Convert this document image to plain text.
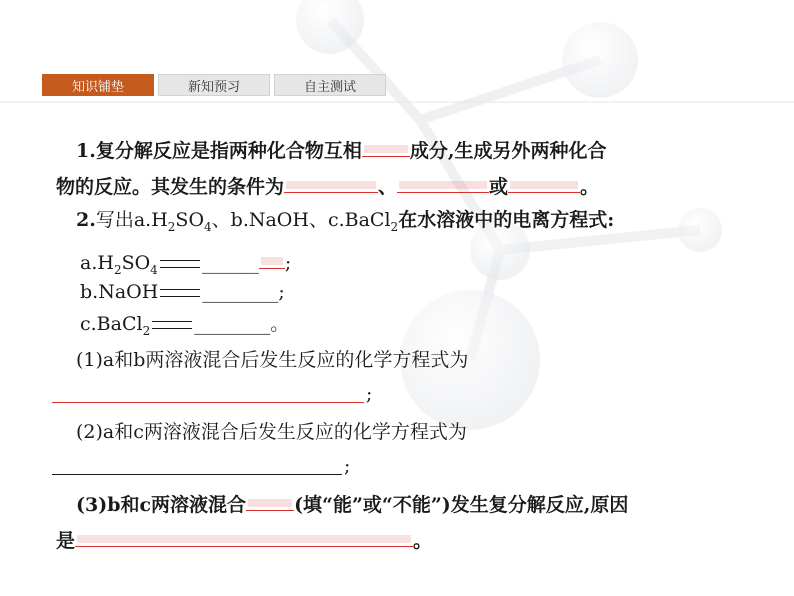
知识铺垫	新知预习	自主测试
1.复分解反应是指两种化合物互相	成分,生成另外两种化合
物的反应。其发生的条件为	、	或	。
2.写出$a.H_2SO_4$、b.NaOH、c.BaCl$_2$在水溶液中的电离方程式:
$a.H_2SO_4$ ______ ;
b.NaOH ________;
c.BaCl$_2$ ________。
(1)a和b两溶液混合后发生反应的化学方程式为
;
(2)a和c两溶液混合后发生反应的化学方程式为
;
(3)b和c两溶液混合	(填“能”或“不能”)发生复分解反应,原因
是	。
